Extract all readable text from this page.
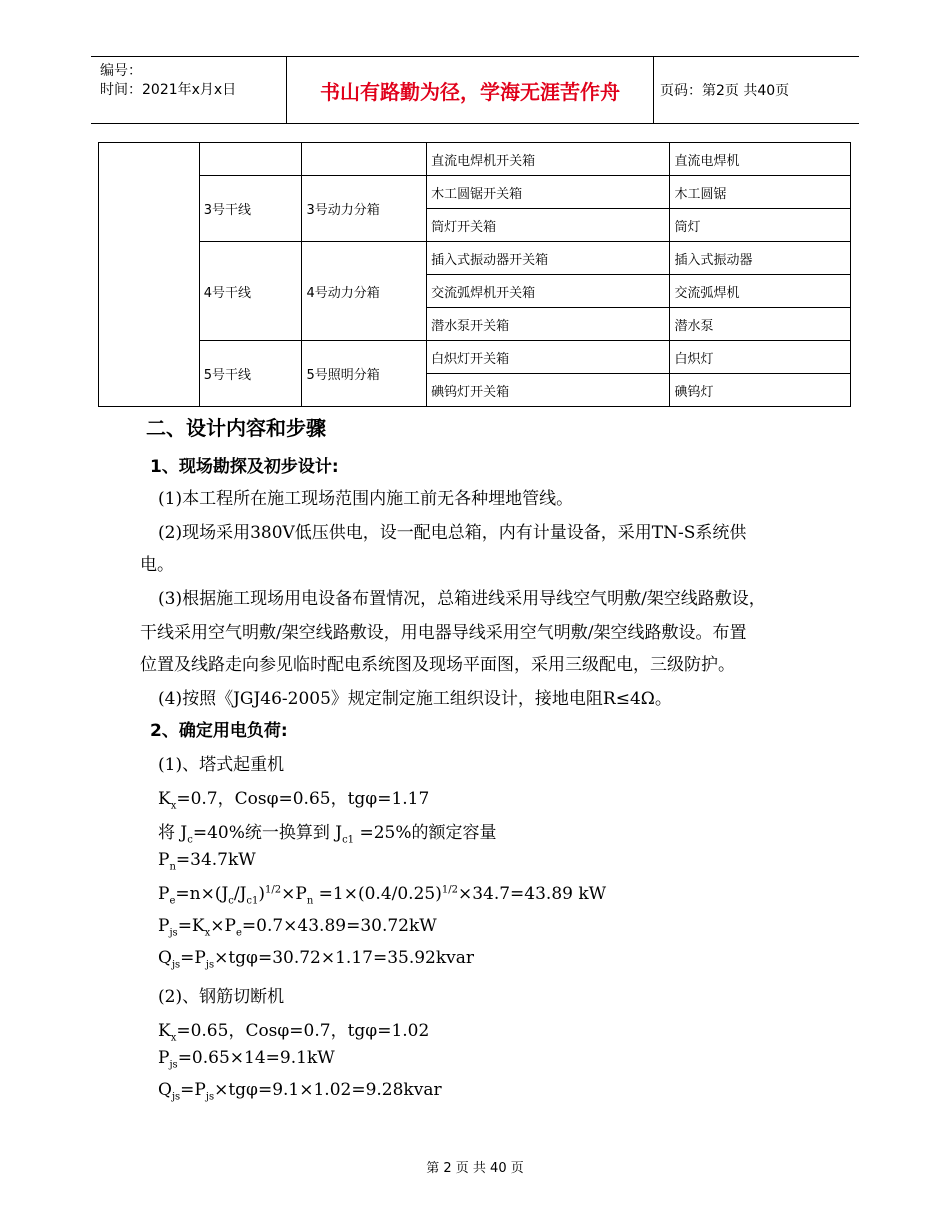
编号：
时间：2021年x月x日	书山有路勤为径，学海无涯苦作舟	页码：第2页 共40页
			直流电焊机开关箱	直流电焊机
	3号干线	3号动力分箱	木工圆锯开关箱	木工圆锯
			筒灯开关箱	筒灯
	4号干线	4号动力分箱	插入式振动器开关箱	插入式振动器
			交流弧焊机开关箱	交流弧焊机
			潜水泵开关箱	潜水泵
	5号干线	5号照明分箱	白炽灯开关箱	白炽灯
			碘钨灯开关箱	碘钨灯
二、设计内容和步骤
1、现场勘探及初步设计:
(1)本工程所在施工现场范围内施工前无各种埋地管线。
(2)现场采用380V低压供电，设一配电总箱，内有计量设备，采用TN-S系统供
电。
(3)根据施工现场用电设备布置情况，总箱进线采用导线空气明敷/架空线路敷设，
干线采用空气明敷/架空线路敷设，用电器导线采用空气明敷/架空线路敷设。布置
位置及线路走向参见临时配电系统图及现场平面图，采用三级配电，三级防护。
(4)按照《JGJ46-2005》规定制定施工组织设计，接地电阻R≤4Ω。
2、确定用电负荷:
(1)、塔式起重机
$K_x=0.7$，Cosφ=0.65，tgφ=1.17
将 $J_c=40\%$统一换算到 $J_{c1} =25\%$的额定容量
$P_n=34.7kW$
$P_e=n\times(J_c/J_{c1})^{1/2}\times P_n =1\times(0.4/0.25)^{1/2}\times 34.7=43.89$ kW
$P_{js}=K_x\times P_e=0.7\times 43.89=30.72kW$
$Q_{js}=P_{js}\times tg\varphi=30.72\times 1.17=35.92kvar$
(2)、钢筋切断机
$K_x=0.65$，Cosφ=0.7，tgφ=1.02
$P_{js}=0.65\times 14=9.1kW$
$Q_{js}=P_{js}\times tg\varphi=9.1\times 1.02=9.28kvar$
第 2 页 共 40 页
